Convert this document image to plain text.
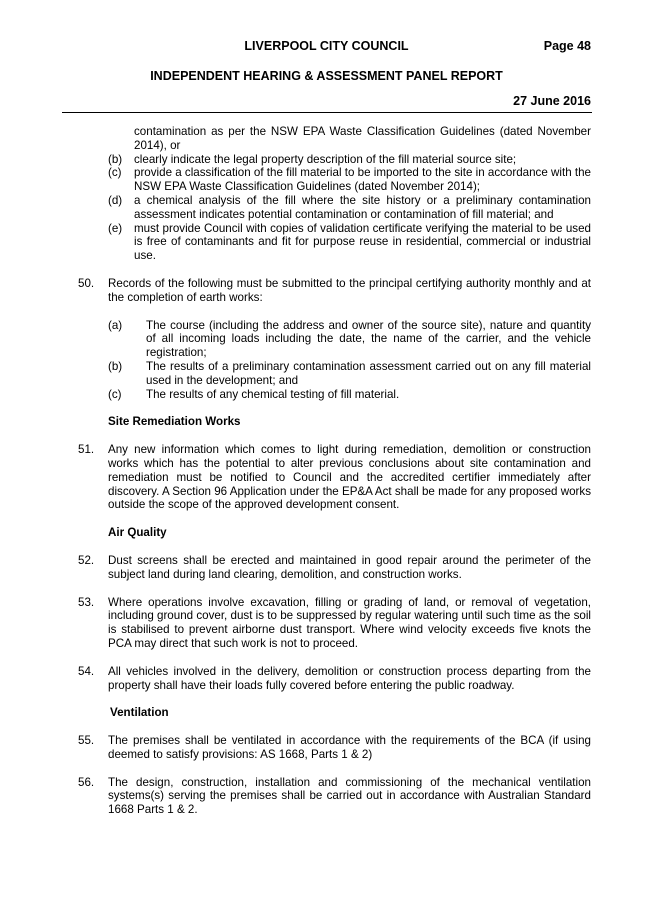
LIVERPOOL CITY COUNCIL	Page 48
INDEPENDENT HEARING & ASSESSMENT PANEL REPORT
27 June 2016
contamination as per the NSW EPA Waste Classification Guidelines (dated November 2014), or
(b) clearly indicate the legal property description of the fill material source site;
(c) provide a classification of the fill material to be imported to the site in accordance with the NSW EPA Waste Classification Guidelines (dated November 2014);
(d) a chemical analysis of the fill where the site history or a preliminary contamination assessment indicates potential contamination or contamination of fill material; and
(e) must provide Council with copies of validation certificate verifying the material to be used is free of contaminants and fit for purpose reuse in residential, commercial or industrial use.
50. Records of the following must be submitted to the principal certifying authority monthly and at the completion of earth works:
(a) The course (including the address and owner of the source site), nature and quantity of all incoming loads including the date, the name of the carrier, and the vehicle registration;
(b) The results of a preliminary contamination assessment carried out on any fill material used in the development; and
(c) The results of any chemical testing of fill material.
Site Remediation Works
51. Any new information which comes to light during remediation, demolition or construction works which has the potential to alter previous conclusions about site contamination and remediation must be notified to Council and the accredited certifier immediately after discovery. A Section 96 Application under the EP&A Act shall be made for any proposed works outside the scope of the approved development consent.
Air Quality
52. Dust screens shall be erected and maintained in good repair around the perimeter of the subject land during land clearing, demolition, and construction works.
53. Where operations involve excavation, filling or grading of land, or removal of vegetation, including ground cover, dust is to be suppressed by regular watering until such time as the soil is stabilised to prevent airborne dust transport. Where wind velocity exceeds five knots the PCA may direct that such work is not to proceed.
54. All vehicles involved in the delivery, demolition or construction process departing from the property shall have their loads fully covered before entering the public roadway.
Ventilation
55. The premises shall be ventilated in accordance with the requirements of the BCA (if using deemed to satisfy provisions: AS 1668, Parts 1 & 2)
56. The design, construction, installation and commissioning of the mechanical ventilation systems(s) serving the premises shall be carried out in accordance with Australian Standard 1668 Parts 1 & 2.
